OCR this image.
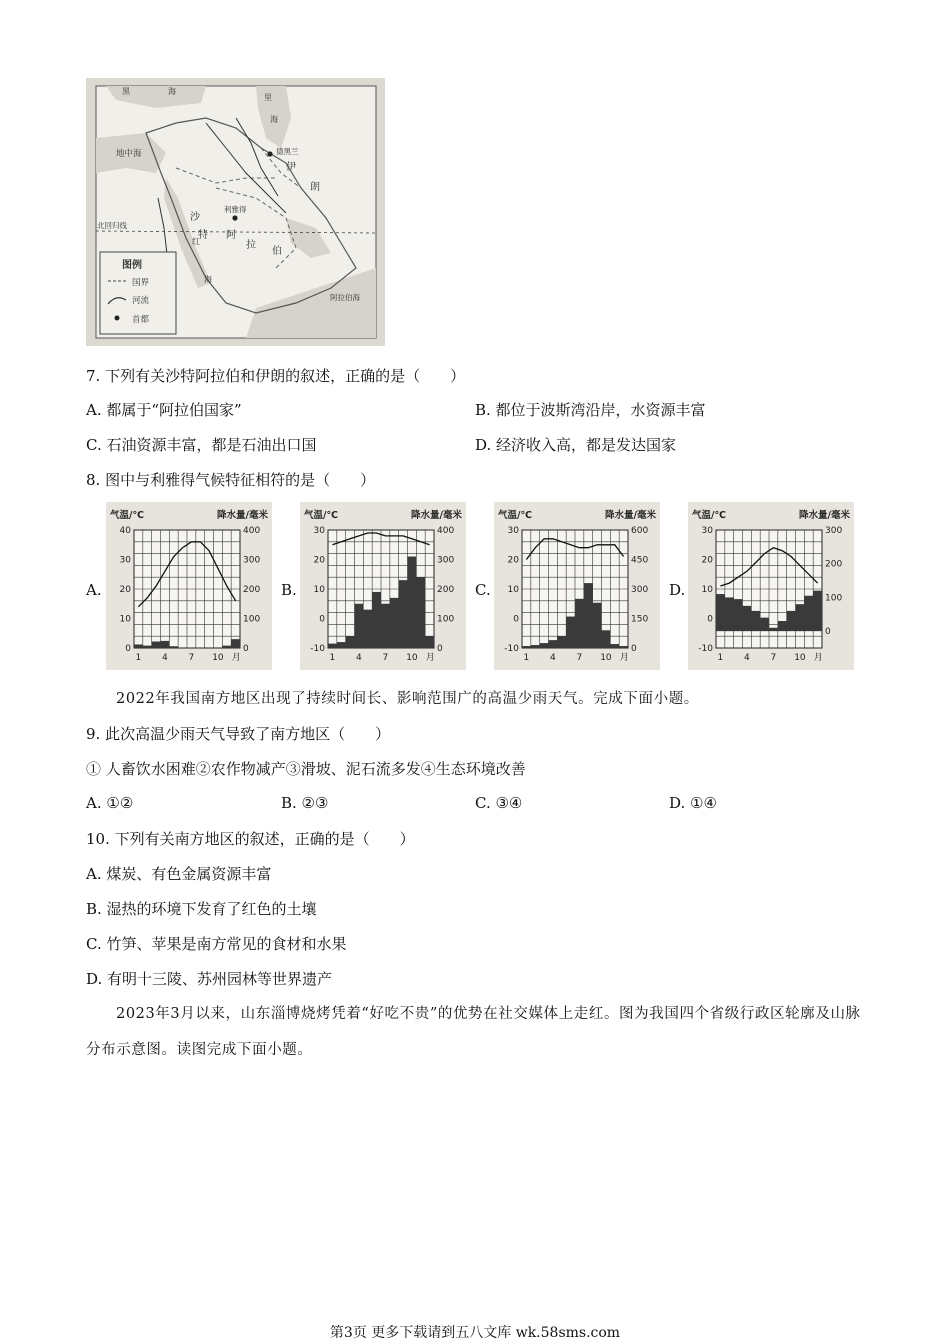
黑	海
里
海
地中海	德黑兰
伊
朗
利雅得
沙
特 阿
拉
伯
北回归线
红
海
阿拉伯海
图例
国界
河流
首都
7. 下列有关沙特阿拉伯和伊朗的叙述，正确的是（　　）
A. 都属于“阿拉伯国家”	B. 都位于波斯湾沿岸，水资源丰富
C. 石油资源丰富，都是石油出口国	D. 经济收入高，都是发达国家
8. 图中与利雅得气候特征相符的是（　　）
A.
气温/℃	降水量/毫米
40
30
20
10
0
400
300
200
100
0
1 4 7 10 月
B.
气温/℃	降水量/毫米
30
20
10
0
-10
400
300
200
100
0
1 4 7 10 月
C.
气温/℃	降水量/毫米
30
20
10
0
-10
600
450
300
150
0
1 4 7 10 月
D.
气温/℃	降水量/毫米
30
20
10
0
-10
300
200
100
0
1 4 7 10 月
2022年我国南方地区出现了持续时间长、影响范围广的高温少雨天气。完成下面小题。
9. 此次高温少雨天气导致了南方地区（　　）
① 人畜饮水困难②农作物减产③滑坡、泥石流多发④生态环境改善
A. ①②	B. ②③	C. ③④	D. ①④
10. 下列有关南方地区的叙述，正确的是（　　）
A. 煤炭、有色金属资源丰富
B. 湿热的环境下发育了红色的土壤
C. 竹笋、苹果是南方常见的食材和水果
D. 有明十三陵、苏州园林等世界遗产
2023年3月以来，山东淄博烧烤凭着“好吃不贵”的优势在社交媒体上走红。图为我国四个省级行政区轮廓及山脉分布示意图。读图完成下面小题。
第3页 更多下载请到五八文库 wk.58sms.com
